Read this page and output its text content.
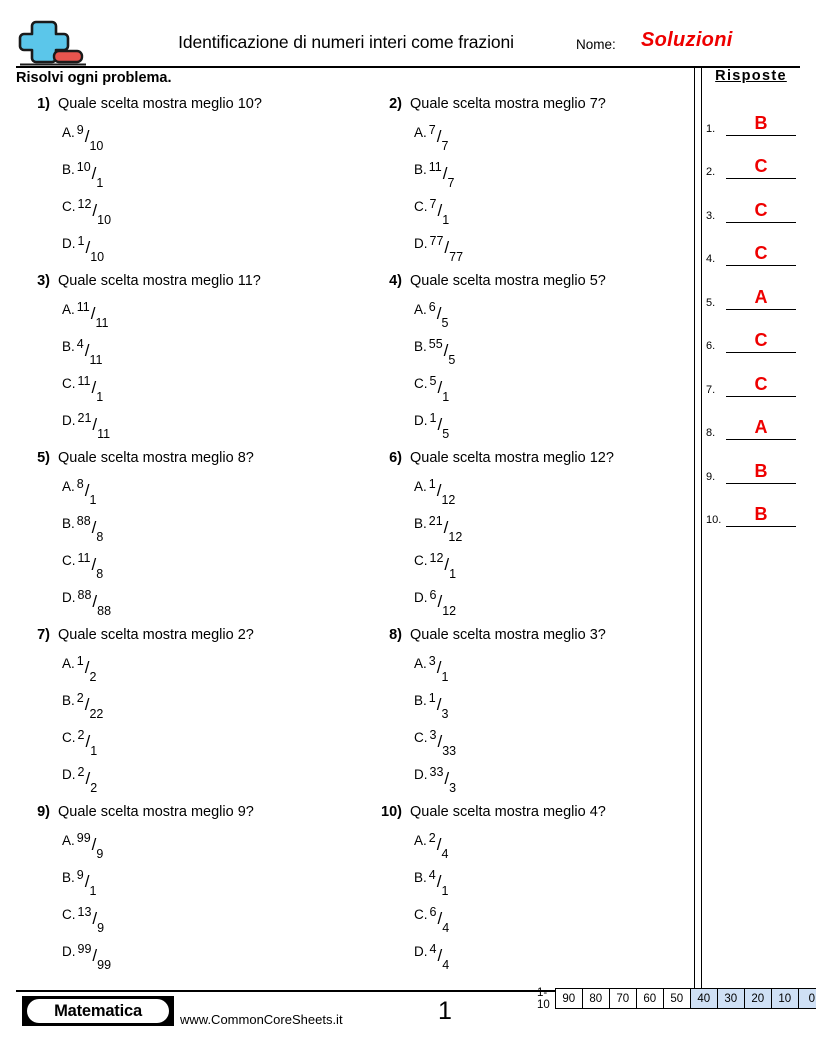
Identificazione di numeri interi come frazioni	Nome: Soluzioni
Risolvi ogni problema.
1) Quale scelta mostra meglio 10?
A. 9/10
B. 10/1
C. 12/10
D. 1/10
2) Quale scelta mostra meglio 7?
A. 7/7
B. 11/7
C. 7/1
D. 77/77
3) Quale scelta mostra meglio 11?
A. 11/11
B. 4/11
C. 11/1
D. 21/11
4) Quale scelta mostra meglio 5?
A. 6/5
B. 55/5
C. 5/1
D. 1/5
5) Quale scelta mostra meglio 8?
A. 8/1
B. 88/8
C. 11/8
D. 88/88
6) Quale scelta mostra meglio 12?
A. 1/12
B. 21/12
C. 12/1
D. 6/12
7) Quale scelta mostra meglio 2?
A. 1/2
B. 2/22
C. 2/1
D. 2/2
8) Quale scelta mostra meglio 3?
A. 3/1
B. 1/3
C. 3/33
D. 33/3
9) Quale scelta mostra meglio 9?
A. 99/9
B. 9/1
C. 13/9
D. 99/99
10) Quale scelta mostra meglio 4?
A. 2/4
B. 4/1
C. 6/4
D. 4/4
Risposte
1.	B
2.	C
3.	C
4.	C
5.	A
6.	C
7.	C
8.	A
9.	B
10.	B
Matematica	www.CommonCoreSheets.it	1
1-10	90	80	70	60	50	40	30	20	10	0
